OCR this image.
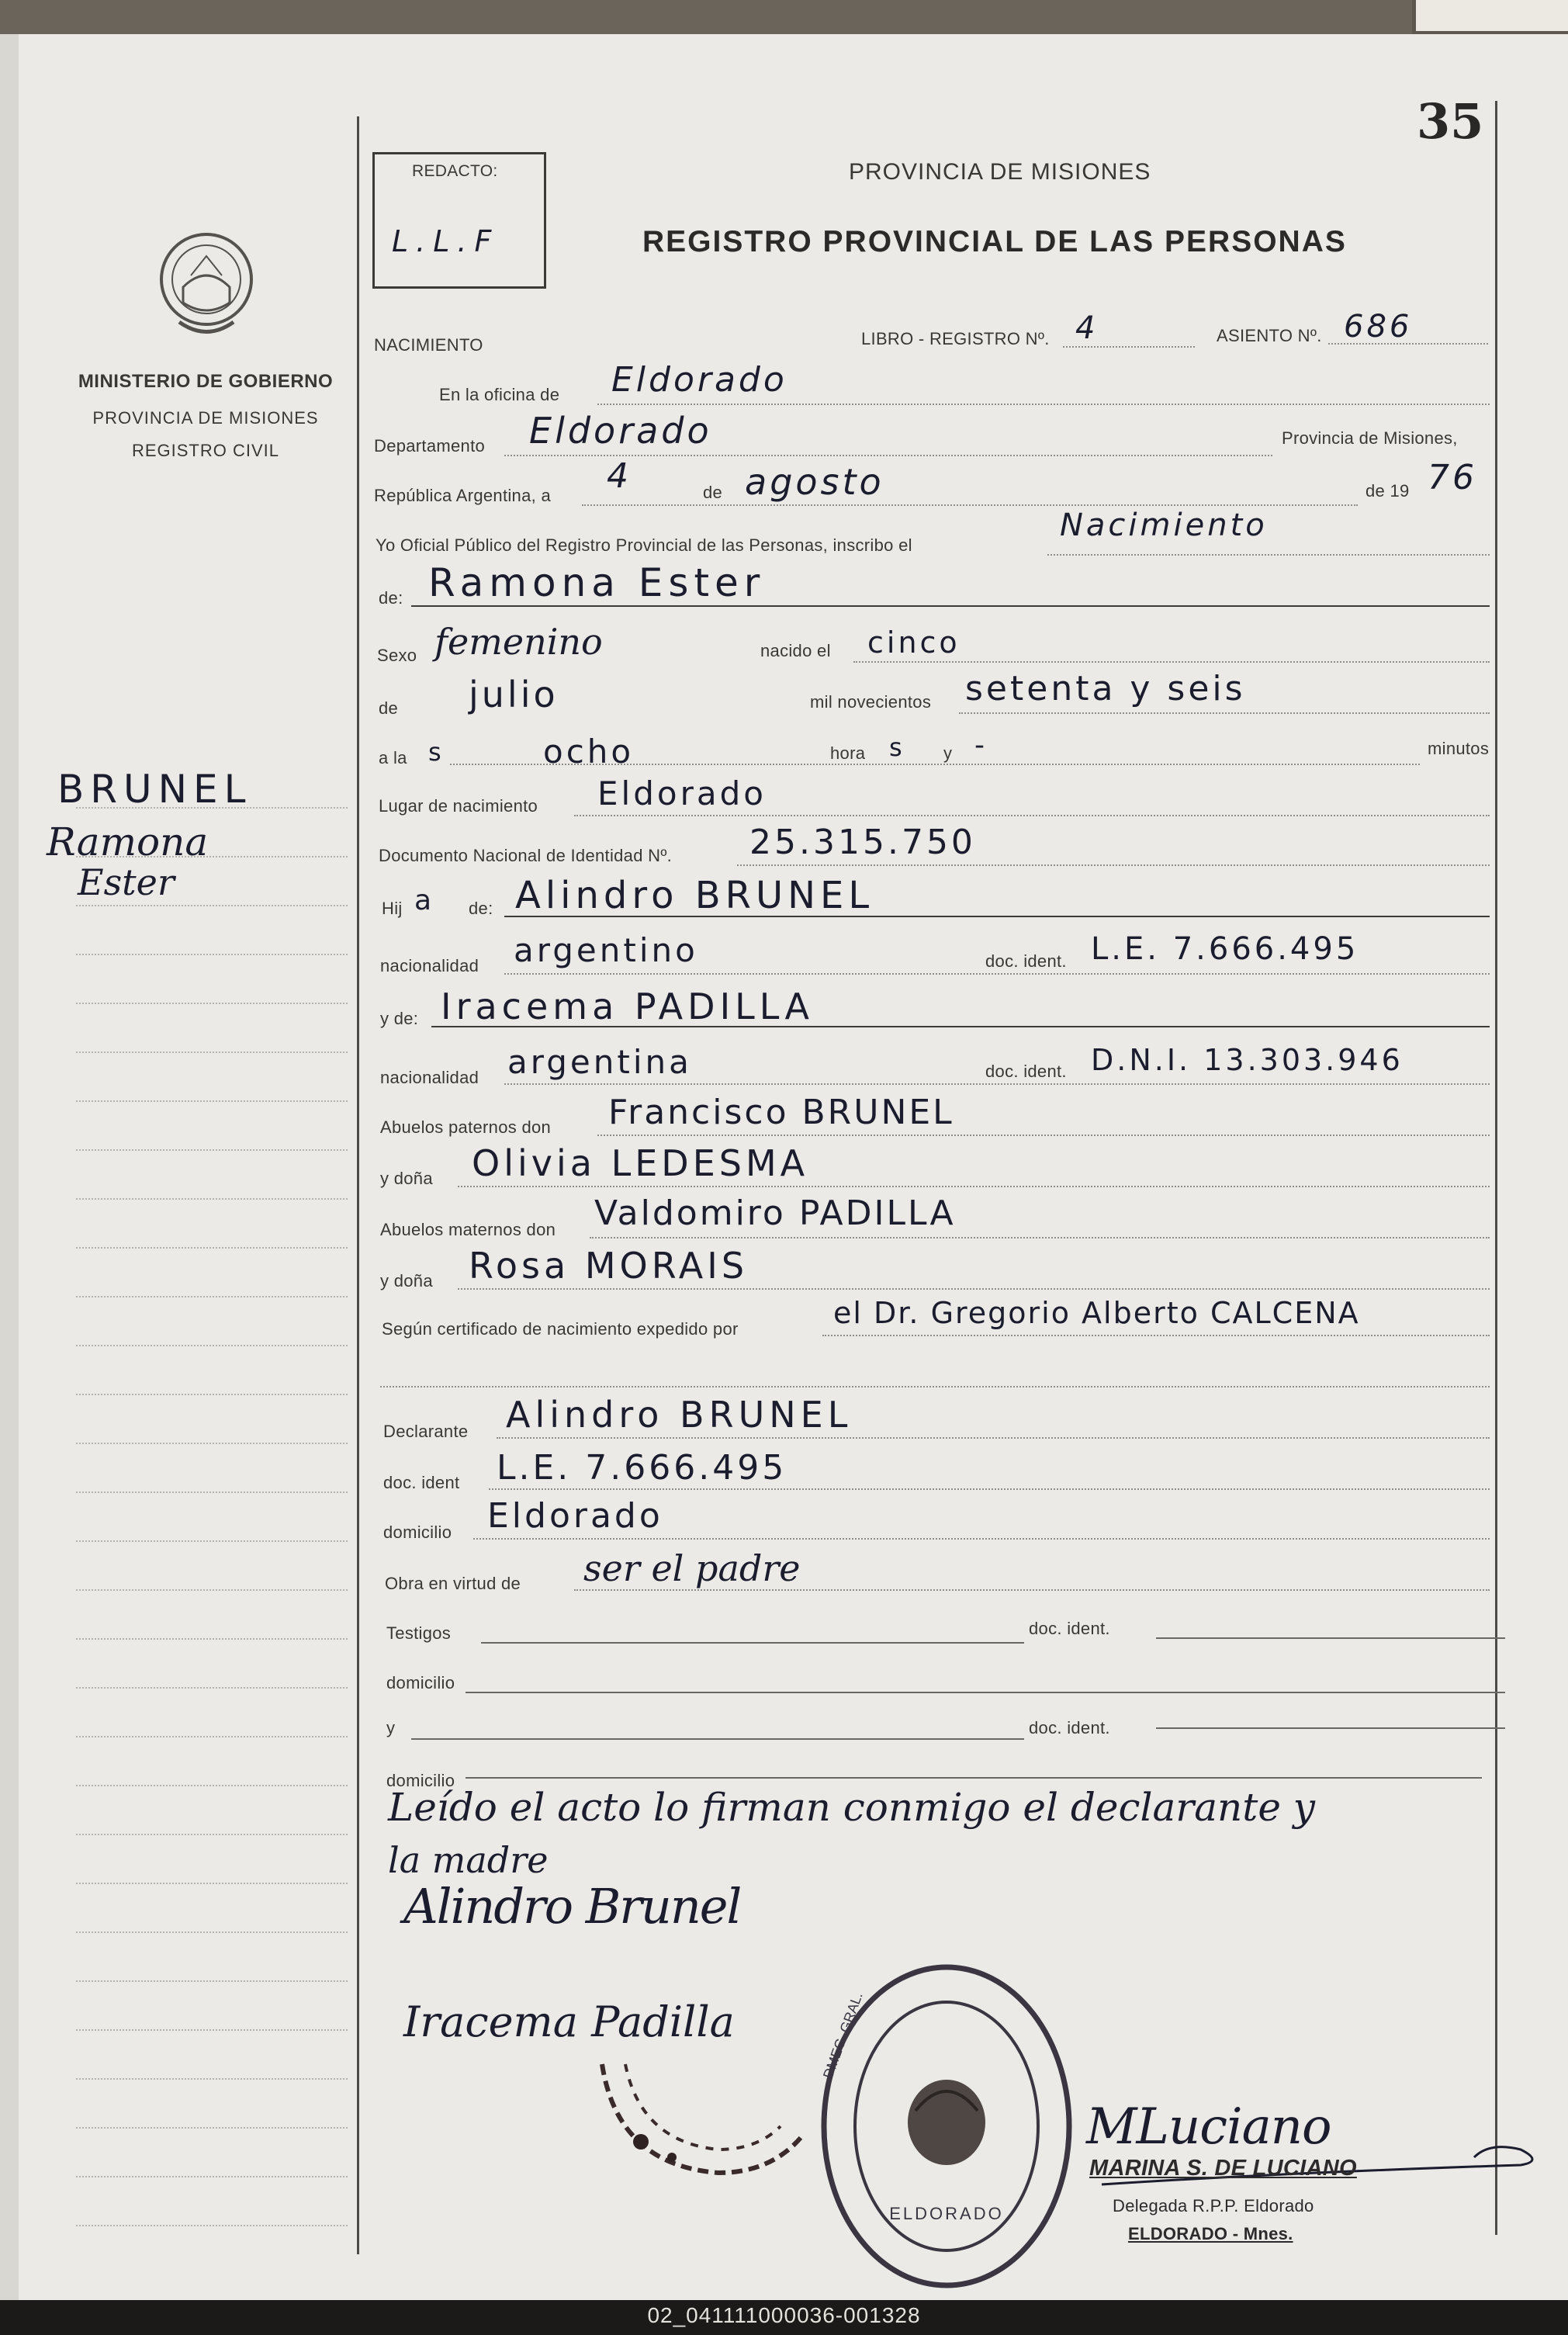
35
REDACTO:
L.L.F
PROVINCIA DE MISIONES
REGISTRO PROVINCIAL DE LAS PERSONAS
MINISTERIO DE GOBIERNO
PROVINCIA DE MISIONES
REGISTRO CIVIL
BRUNEL
Ramona
Ester
NACIMIENTO	LIBRO - REGISTRO Nº. 4	ASIENTO Nº. 686
En la oficina de Eldorado
Departamento Eldorado	Provincia de Misiones,
República Argentina, a 4	de agosto	de 19 76
Yo Oficial Público del Registro Provincial de las Personas, inscribo el
Nacimiento
de: Ramona Ester
Sexo femenino	nacido el cinco
de julio	mil novecientos setenta y seis
a la s	ocho	hora s y -	minutos
Lugar de nacimiento Eldorado
Documento Nacional de Identidad Nº. 25.315.750
Hij a de: Alindro BRUNEL
nacionalidad argentino	doc. ident. L.E. 7.666.495
y de: Iracema PADILLA
nacionalidad argentina	doc. ident. D.N.I. 13.303.946
Abuelos paternos don Francisco BRUNEL
y doña Olivia LEDESMA
Abuelos maternos don Valdomiro PADILLA
y doña Rosa MORAIS
Según certificado de nacimiento expedido por	el Dr. Gregorio Alberto CALCENA
Declarante Alindro BRUNEL
doc. ident L.E. 7.666.495
domicilio Eldorado
Obra en virtud de ser el padre
Testigos	doc. ident.
domicilio
y	doc. ident.
domicilio
Leído el acto lo firman conmigo el declarante y
la madre
Alindro Brunel
Iracema Padilla
ELDORADO
DMEC. GRAL.
MLuciano
MARINA S. DE LUCIANO
Delegada R.P.P. Eldorado
ELDORADO - Mnes.
02_041111000036-001328
